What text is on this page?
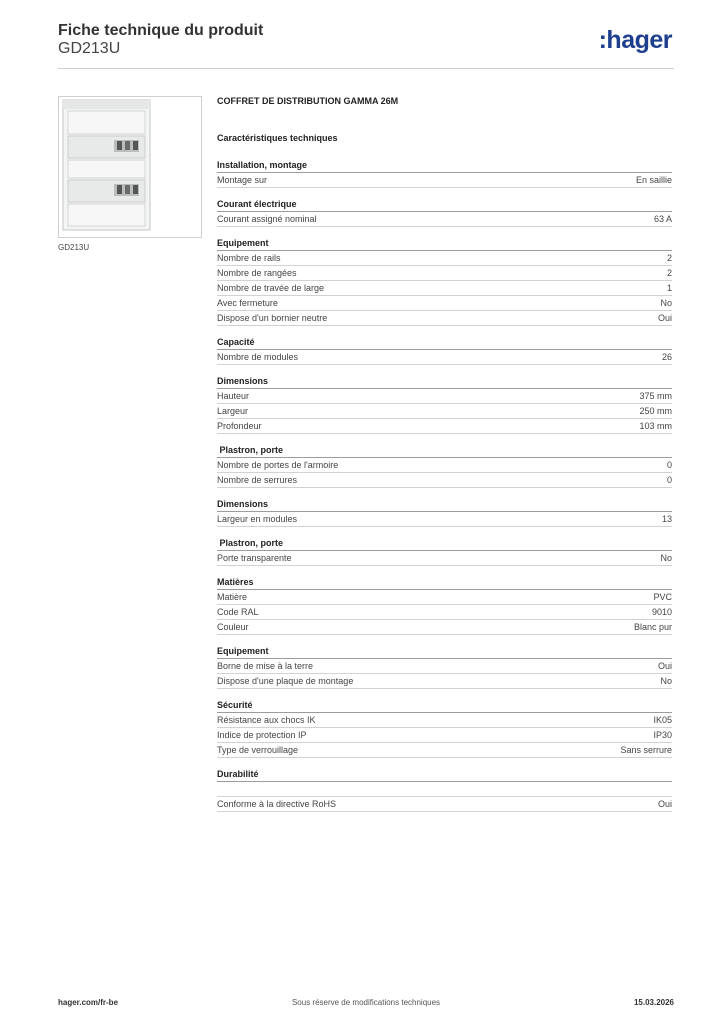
Fiche technique du produit
GD213U	:hager
GD213U
COFFRET DE DISTRIBUTION GAMMA 26M
Caractéristiques techniques
Installation, montage
Montage sur	En saillie
Courant électrique
Courant assigné nominal	63 A
Equipement
Nombre de rails	2
Nombre de rangées	2
Nombre de travée de large	1
Avec fermeture	No
Dispose d'un bornier neutre	Oui
Capacité
Nombre de modules	26
Dimensions
Hauteur	375 mm
Largeur	250 mm
Profondeur	103 mm
Plastron, porte
Nombre de portes de l'armoire	0
Nombre de serrures	0
Dimensions
Largeur en modules	13
Plastron, porte
Porte transparente	No
Matières
Matière	PVC
Code RAL	9010
Couleur	Blanc pur
Equipement
Borne de mise à la terre	Oui
Dispose d'une plaque de montage	No
Sécurité
Résistance aux chocs IK	IK05
Indice de protection IP	IP30
Type de verrouillage	Sans serrure
Durabilité
Conforme à la directive RoHS	Oui
hager.com/fr-be	Sous réserve de modifications techniques	15.03.2026
